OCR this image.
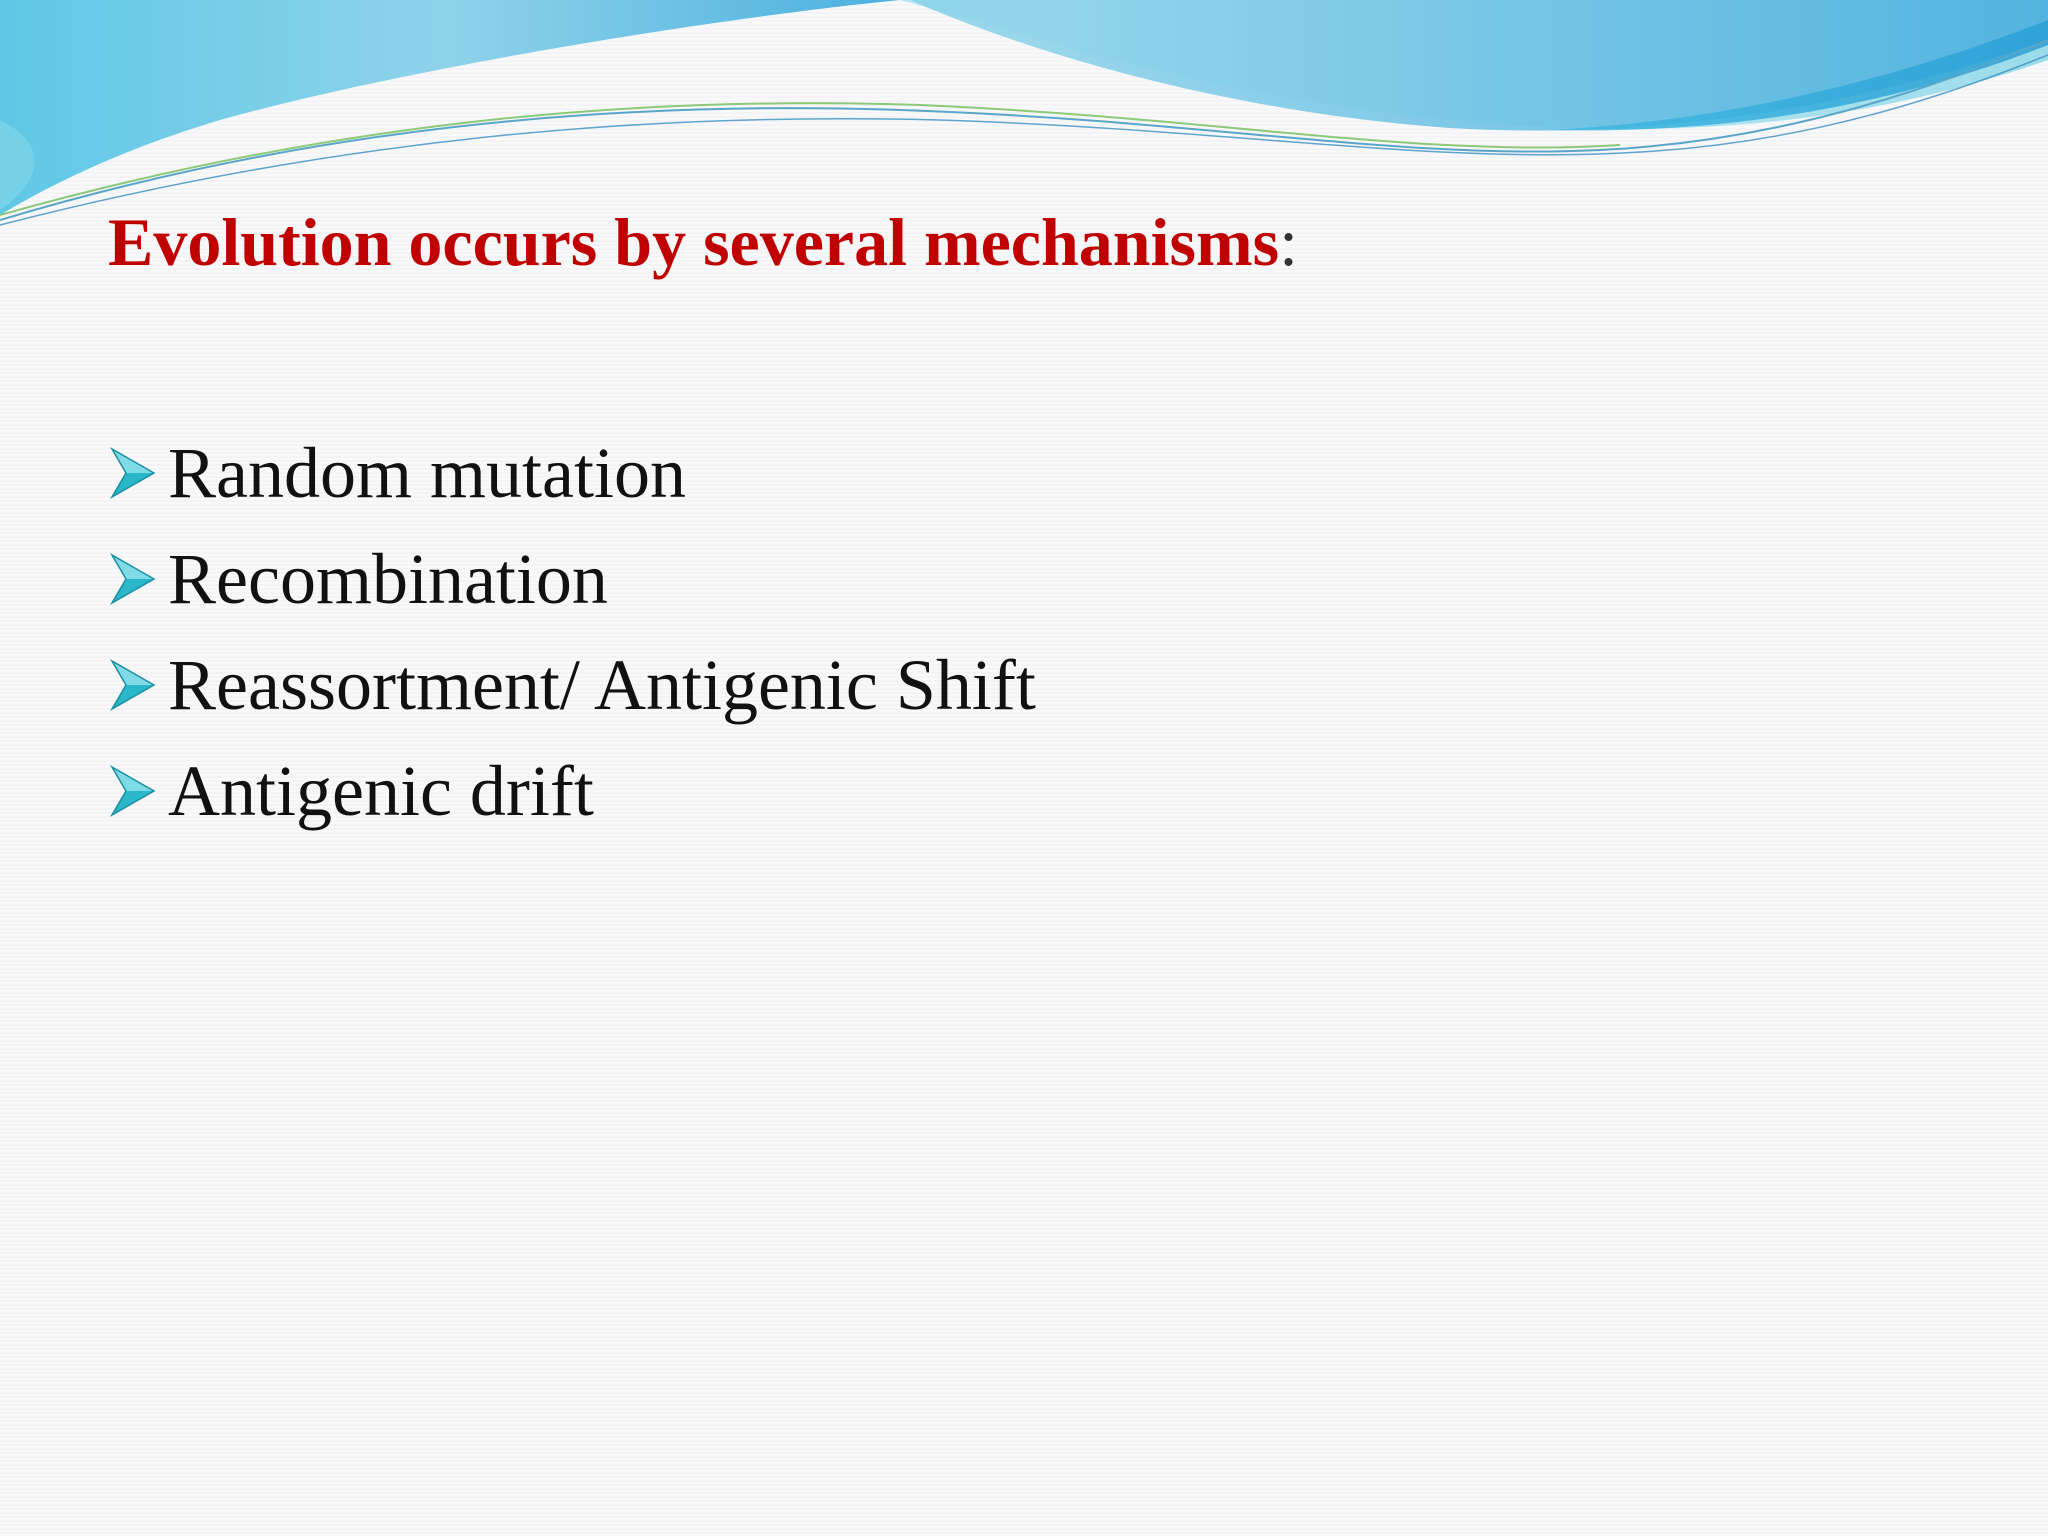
Evolution occurs by several mechanisms:
Random mutation
Recombination
Reassortment/ Antigenic Shift
Antigenic drift
